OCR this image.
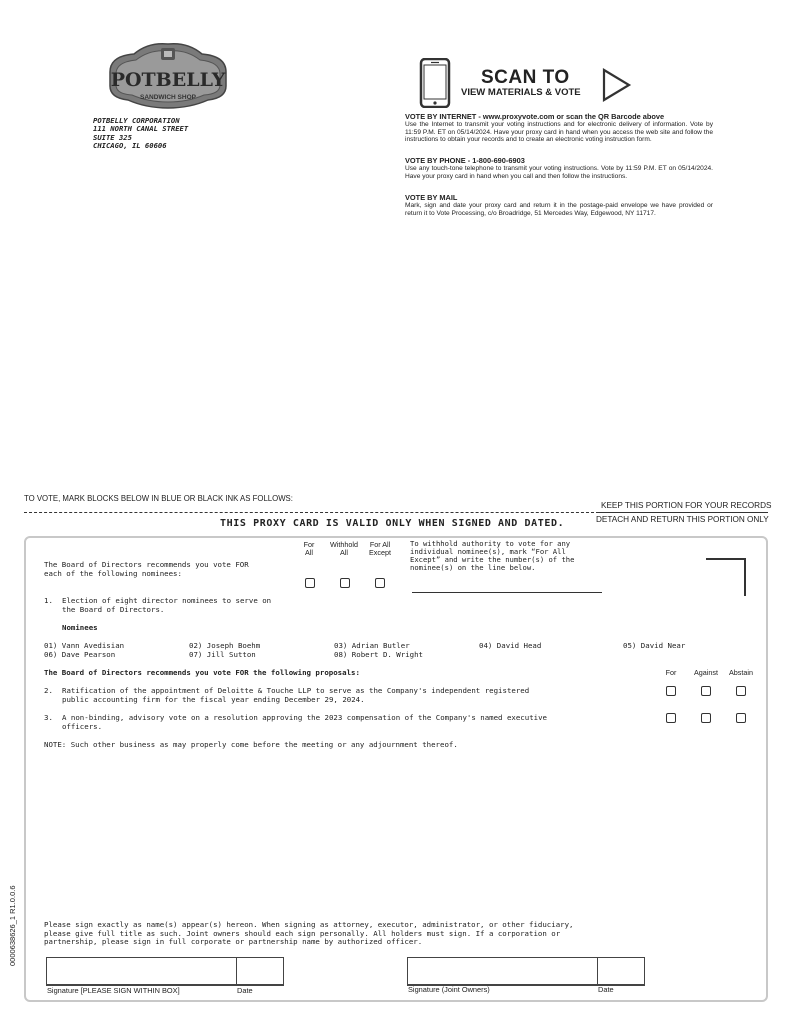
POTBELLY
SANDWICH SHOP
POTBELLY CORPORATION
111 NORTH CANAL STREET
SUITE 325
CHICAGO, IL 60606
SCAN TO
VIEW MATERIALS & VOTE
VOTE BY INTERNET - www.proxyvote.com or scan the QR Barcode above
Use the Internet to transmit your voting instructions and for electronic delivery of information. Vote by 11:59 P.M. ET on 05/14/2024. Have your proxy card in hand when you access the web site and follow the instructions to obtain your records and to create an electronic voting instruction form.
VOTE BY PHONE - 1-800-690-6903
Use any touch-tone telephone to transmit your voting instructions. Vote by 11:59 P.M. ET on 05/14/2024. Have your proxy card in hand when you call and then follow the instructions.
VOTE BY MAIL
Mark, sign and date your proxy card and return it in the postage-paid envelope we have provided or return it to Vote Processing, c/o Broadridge, 51 Mercedes Way, Edgewood, NY 11717.
TO VOTE, MARK BLOCKS BELOW IN BLUE OR BLACK INK AS FOLLOWS:
KEEP THIS PORTION FOR YOUR RECORDS
DETACH AND RETURN THIS PORTION ONLY
THIS PROXY CARD IS VALID ONLY WHEN SIGNED AND DATED.
The Board of Directors recommends you vote FOR
each of the following nominees:
For
All
Withhold
All
For All
Except
To withhold authority to vote for any
individual nominee(s), mark “For All
Except” and write the number(s) of the
nominee(s) on the line below.
1. Election of eight director nominees to serve on
the Board of Directors.
Nominees
01) Vann Avedisian	02) Joseph Boehm	03) Adrian Butler	04) David Head	05) David Near
06) Dave Pearson	07) Jill Sutton	08) Robert D. Wright
The Board of Directors recommends you vote FOR the following proposals:	For	Against	Abstain
2. Ratification of the appointment of Deloitte & Touche LLP to serve as the Company's independent registered
public accounting firm for the fiscal year ending December 29, 2024.
3. A non-binding, advisory vote on a resolution approving the 2023 compensation of the Company's named executive
officers.
NOTE: Such other business as may properly come before the meeting or any adjournment thereof.
Please sign exactly as name(s) appear(s) hereon. When signing as attorney, executor, administrator, or other fiduciary,
please give full title as such. Joint owners should each sign personally. All holders must sign. If a corporation or
partnership, please sign in full corporate or partnership name by authorized officer.
Signature [PLEASE SIGN WITHIN BOX]	Date	Signature (Joint Owners)	Date
0000638626_1 R1.0.0.6
